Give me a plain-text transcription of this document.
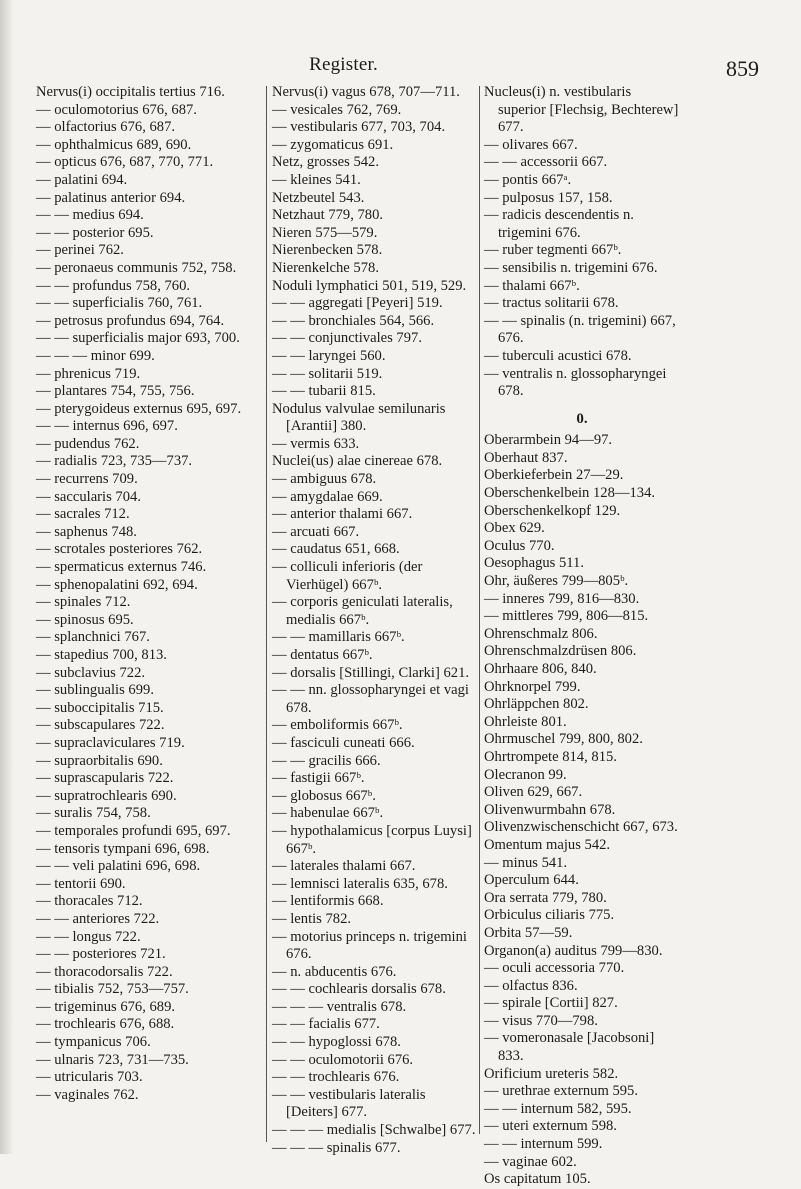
Register.	859
Nervus(i) occipitalis tertius 716.
— oculomotorius 676, 687.
— olfactorius 676, 687.
— ophthalmicus 689, 690.
— opticus 676, 687, 770, 771.
— palatini 694.
— palatinus anterior 694.
— — medius 694.
— — posterior 695.
— perinei 762.
— peronaeus communis 752, 758.
— — profundus 758, 760.
— — superficialis 760, 761.
— petrosus profundus 694, 764.
— — superficialis major 693, 700.
— — — minor 699.
— phrenicus 719.
— plantares 754, 755, 756.
— pterygoideus externus 695, 697.
— — internus 696, 697.
— pudendus 762.
— radialis 723, 735—737.
— recurrens 709.
— saccularis 704.
— sacrales 712.
— saphenus 748.
— scrotales posteriores 762.
— spermaticus externus 746.
— sphenopalatini 692, 694.
— spinales 712.
— spinosus 695.
— splanchnici 767.
— stapedius 700, 813.
— subclavius 722.
— sublingualis 699.
— suboccipitalis 715.
— subscapulares 722.
— supraclaviculares 719.
— supraorbitalis 690.
— suprascapularis 722.
— supratrochlearis 690.
— suralis 754, 758.
— temporales profundi 695, 697.
— tensoris tympani 696, 698.
— — veli palatini 696, 698.
— tentorii 690.
— thoracales 712.
— — anteriores 722.
— — longus 722.
— — posteriores 721.
— thoracodorsalis 722.
— tibialis 752, 753—757.
— trigeminus 676, 689.
— trochlearis 676, 688.
— tympanicus 706.
— ulnaris 723, 731—735.
— utricularis 703.
— vaginales 762.
Nervus(i) vagus 678, 707—711.
— vesicales 762, 769.
— vestibularis 677, 703, 704.
— zygomaticus 691.
Netz, grosses 542.
— kleines 541.
Netzbeutel 543.
Netzhaut 779, 780.
Nieren 575—579.
Nierenbecken 578.
Nierenkelche 578.
Noduli lymphatici 501, 519, 529.
— — aggregati [Peyeri] 519.
— — bronchiales 564, 566.
— — conjunctivales 797.
— — laryngei 560.
— — solitarii 519.
— — tubarii 815.
Nodulus valvulae semilunaris [Arantii] 380.
— vermis 633.
Nuclei(us) alae cinereae 678.
— ambiguus 678.
— amygdalae 669.
— anterior thalami 667.
— arcuati 667.
— caudatus 651, 668.
— colliculi inferioris (der Vierhügel) 667ᵇ.
— corporis geniculati lateralis, medialis 667ᵇ.
— — mamillaris 667ᵇ.
— dentatus 667ᵇ.
— dorsalis [Stillingi, Clarki] 621.
— — nn. glossopharyngei et vagi 678.
— emboliformis 667ᵇ.
— fasciculi cuneati 666.
— — gracilis 666.
— fastigii 667ᵇ.
— globosus 667ᵇ.
— habenulae 667ᵇ.
— hypothalamicus [corpus Luysi] 667ᵇ.
— laterales thalami 667.
— lemnisci lateralis 635, 678.
— lentiformis 668.
— lentis 782.
— motorius princeps n. trigemini 676.
— n. abducentis 676.
— — cochlearis dorsalis 678.
— — — ventralis 678.
— — facialis 677.
— — hypoglossi 678.
— — oculomotorii 676.
— — trochlearis 676.
— — vestibularis lateralis [Deiters] 677.
— — — medialis [Schwalbe] 677.
— — — spinalis 677.
Nucleus(i) n. vestibularis superior [Flechsig, Bechterew] 677.
— olivares 667.
— — accessorii 667.
— pontis 667ᵃ.
— pulposus 157, 158.
— radicis descendentis n. trigemini 676.
— ruber tegmenti 667ᵇ.
— sensibilis n. trigemini 676.
— thalami 667ᵇ.
— tractus solitarii 678.
— — spinalis (n. trigemini) 667, 676.
— tuberculi acustici 678.
— ventralis n. glossopharyngei 678.
0.
Oberarmbein 94—97.
Oberhaut 837.
Oberkieferbein 27—29.
Oberschenkelbein 128—134.
Oberschenkelkopf 129.
Obex 629.
Oculus 770.
Oesophagus 511.
Ohr, äußeres 799—805ᵇ.
— inneres 799, 816—830.
— mittleres 799, 806—815.
Ohrenschmalz 806.
Ohrenschmalzdrüsen 806.
Ohrhaare 806, 840.
Ohrknorpel 799.
Ohrläppchen 802.
Ohrleiste 801.
Ohrmuschel 799, 800, 802.
Ohrtrompete 814, 815.
Olecranon 99.
Oliven 629, 667.
Olivenwurmbahn 678.
Olivenzwischenschicht 667, 673.
Omentum majus 542.
— minus 541.
Operculum 644.
Ora serrata 779, 780.
Orbiculus ciliaris 775.
Orbita 57—59.
Organon(a) auditus 799—830.
— oculi accessoria 770.
— olfactus 836.
— spirale [Cortii] 827.
— visus 770—798.
— vomeronasale [Jacobsoni] 833.
Orificium ureteris 582.
— urethrae externum 595.
— — internum 582, 595.
— uteri externum 598.
— — internum 599.
— vaginae 602.
Os capitatum 105.
